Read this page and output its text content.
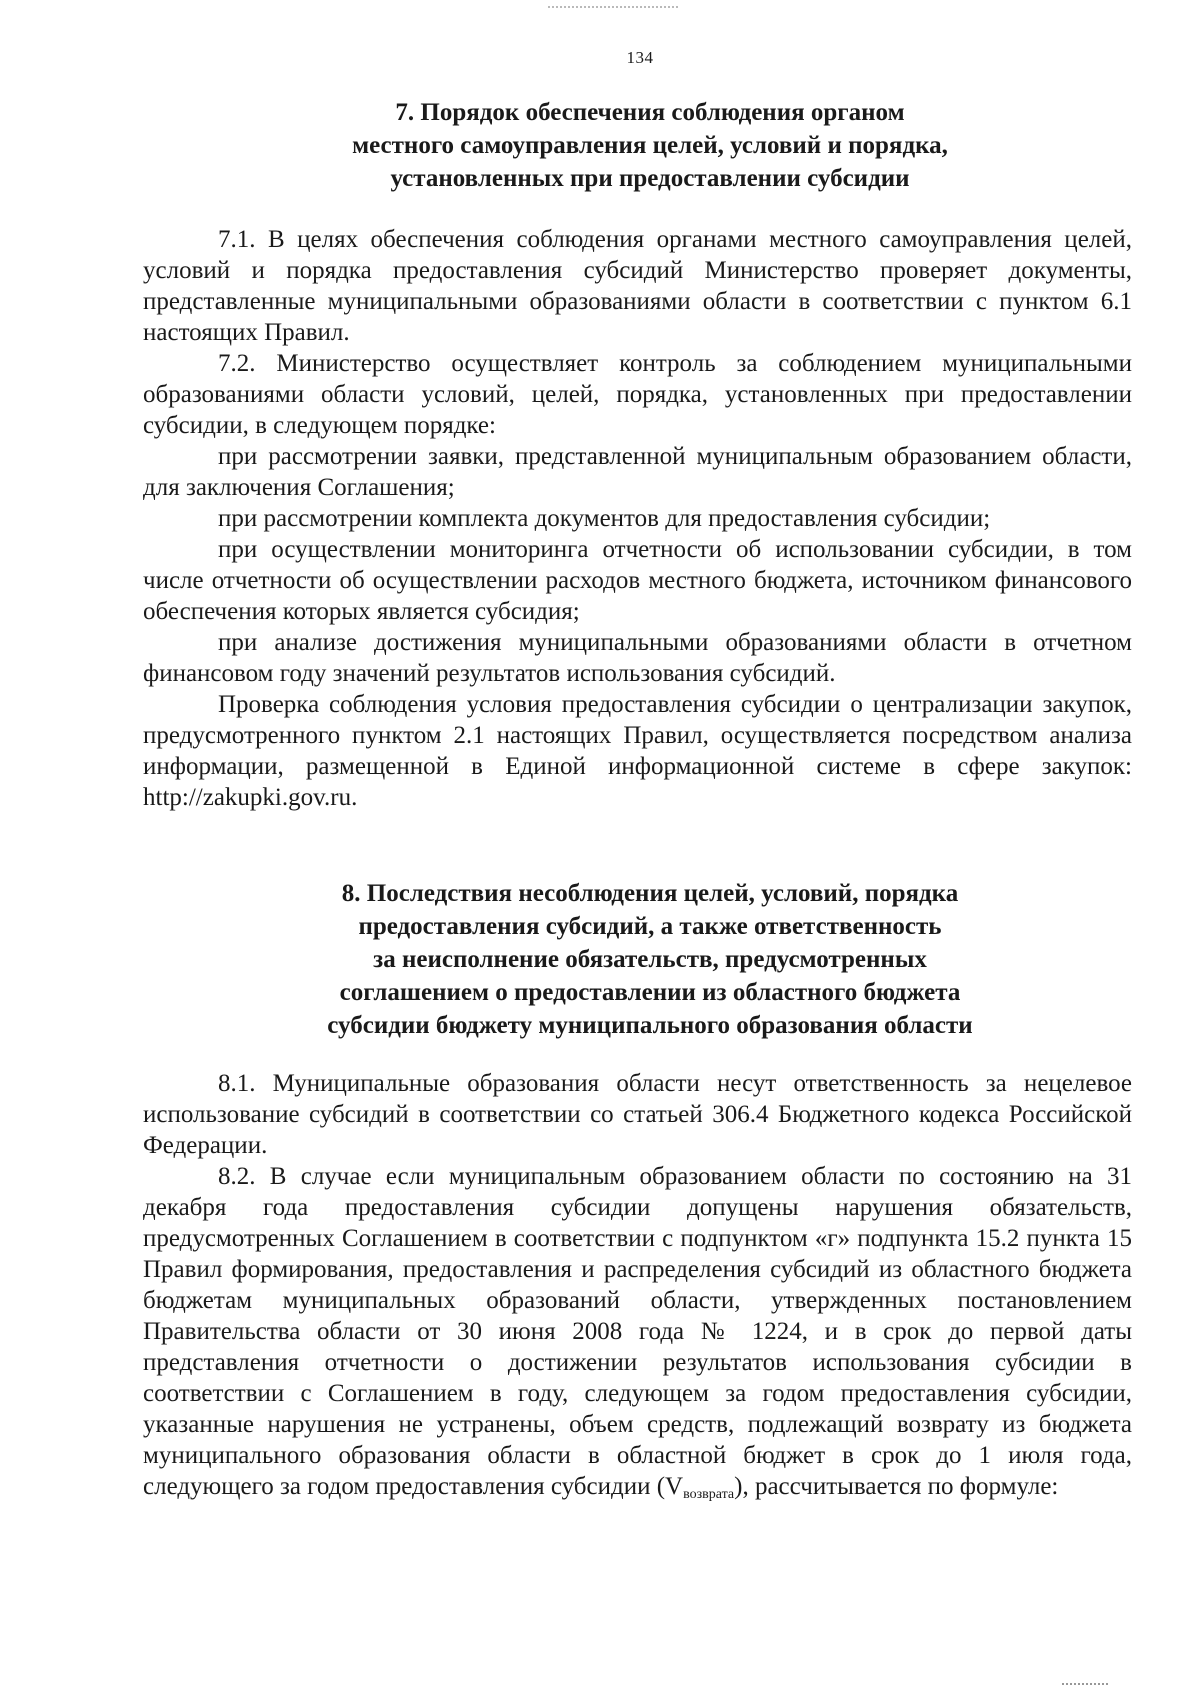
134
7. Порядок обеспечения соблюдения органом
местного самоуправления целей, условий и порядка,
установленных при предоставлении субсидии

7.1. В целях обеспечения соблюдения органами местного самоуправления целей, условий и порядка предоставления субсидий Министерство проверяет документы, представленные муниципальными образованиями области в соответствии с пунктом 6.1 настоящих Правил.

7.2. Министерство осуществляет контроль за соблюдением муниципальными образованиями области условий, целей, порядка, установленных при предоставлении субсидии, в следующем порядке:

при рассмотрении заявки, представленной муниципальным образованием области, для заключения Соглашения;

при рассмотрении комплекта документов для предоставления субсидии;

при осуществлении мониторинга отчетности об использовании субсидии, в том числе отчетности об осуществлении расходов местного бюджета, источником финансового обеспечения которых является субсидия;

при анализе достижения муниципальными образованиями области в отчетном финансовом году значений результатов использования субсидий.

Проверка соблюдения условия предоставления субсидии о централизации закупок, предусмотренного пунктом 2.1 настоящих Правил, осуществляется посредством анализа информации, размещенной в Единой информационной системе в сфере закупок: http://zakupki.gov.ru.

8. Последствия несоблюдения целей, условий, порядка
предоставления субсидий, а также ответственность
за неисполнение обязательств, предусмотренных
соглашением о предоставлении из областного бюджета
субсидии бюджету муниципального образования области

8.1. Муниципальные образования области несут ответственность за нецелевое использование субсидий в соответствии со статьей 306.4 Бюджетного кодекса Российской Федерации.

8.2. В случае если муниципальным образованием области по состоянию на 31 декабря года предоставления субсидии допущены нарушения обязательств, предусмотренных Соглашением в соответствии с подпунктом «г» подпункта 15.2 пункта 15 Правил формирования, предоставления и распределения субсидий из областного бюджета бюджетам муниципальных образований области, утвержденных постановлением Правительства области от 30 июня 2008 года № 1224, и в срок до первой даты представления отчетности о достижении результатов использования субсидии в соответствии с Соглашением в году, следующем за годом предоставления субсидии, указанные нарушения не устранены, объем средств, подлежащий возврату из бюджета муниципального образования области в областной бюджет в срок до 1 июля года, следующего за годом предоставления субсидии $(V_{возврата})$, рассчитывается по формуле:
